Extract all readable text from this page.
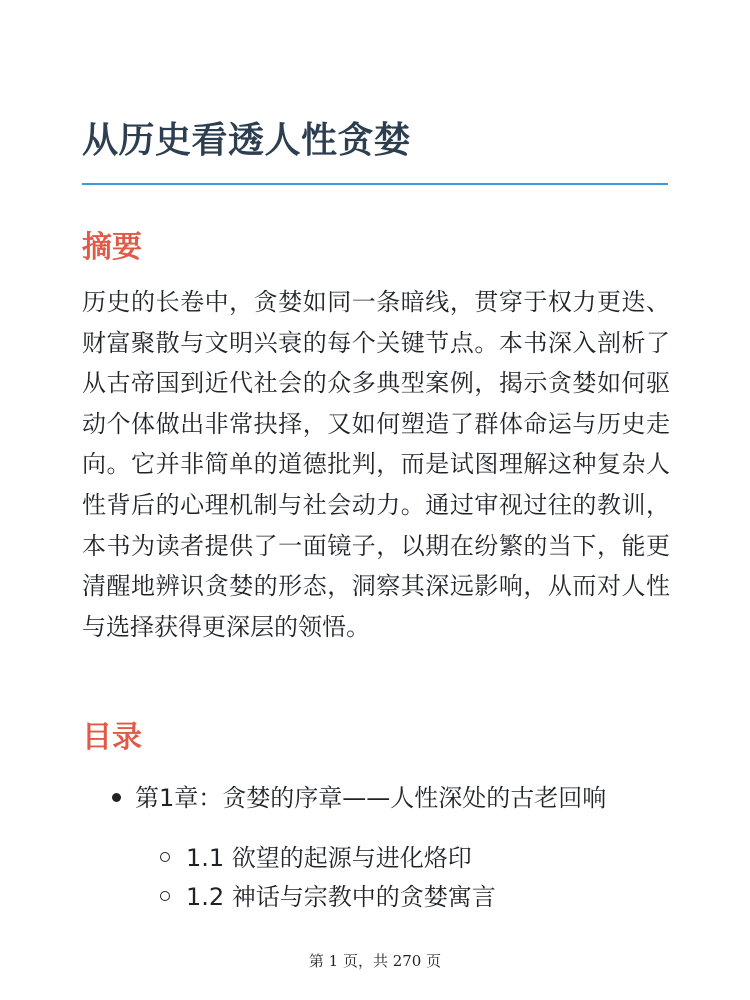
从历史看透人性贪婪
摘要

历史的长卷中，贪婪如同一条暗线，贯穿于权力更迭、财富聚散与文明兴衰的每个关键节点。本书深入剖析了从古帝国到近代社会的众多典型案例，揭示贪婪如何驱动个体做出非常抉择，又如何塑造了群体命运与历史走向。它并非简单的道德批判，而是试图理解这种复杂人性背后的心理机制与社会动力。通过审视过往的教训，本书为读者提供了一面镜子，以期在纷繁的当下，能更清醒地辨识贪婪的形态，洞察其深远影响，从而对人性与选择获得更深层的领悟。

目录
第1章：贪婪的序章——人性深处的古老回响
1.1 欲望的起源与进化烙印
1.2 神话与宗教中的贪婪寓言
第 1 页，共 270 页
